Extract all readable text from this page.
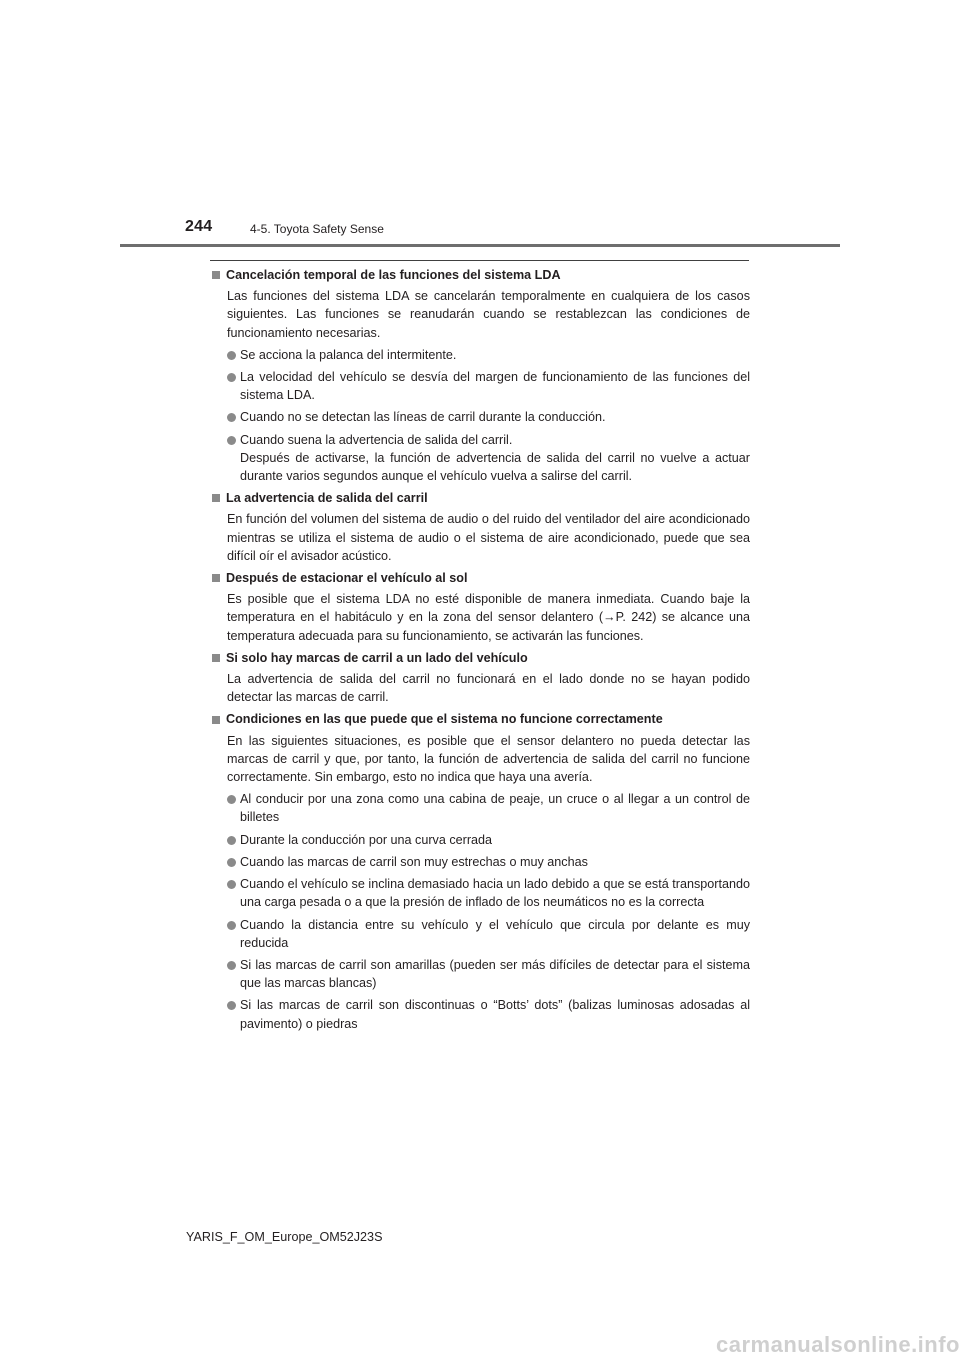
244	4-5. Toyota Safety Sense
Cancelación temporal de las funciones del sistema LDA
Las funciones del sistema LDA se cancelarán temporalmente en cualquiera de los casos siguientes. Las funciones se reanudarán cuando se restablezcan las condiciones de funcionamiento necesarias.
Se acciona la palanca del intermitente.
La velocidad del vehículo se desvía del margen de funcionamiento de las funciones del sistema LDA.
Cuando no se detectan las líneas de carril durante la conducción.
Cuando suena la advertencia de salida del carril.
Después de activarse, la función de advertencia de salida del carril no vuelve a actuar durante varios segundos aunque el vehículo vuelva a salirse del carril.
La advertencia de salida del carril
En función del volumen del sistema de audio o del ruido del ventilador del aire acondicionado mientras se utiliza el sistema de audio o el sistema de aire acondicionado, puede que sea difícil oír el avisador acústico.
Después de estacionar el vehículo al sol
Es posible que el sistema LDA no esté disponible de manera inmediata. Cuando baje la temperatura en el habitáculo y en la zona del sensor delantero (→P. 242) se alcance una temperatura adecuada para su funcionamiento, se activarán las funciones.
Si solo hay marcas de carril a un lado del vehículo
La advertencia de salida del carril no funcionará en el lado donde no se hayan podido detectar las marcas de carril.
Condiciones en las que puede que el sistema no funcione correctamente
En las siguientes situaciones, es posible que el sensor delantero no pueda detectar las marcas de carril y que, por tanto, la función de advertencia de salida del carril no funcione correctamente. Sin embargo, esto no indica que haya una avería.
Al conducir por una zona como una cabina de peaje, un cruce o al llegar a un control de billetes
Durante la conducción por una curva cerrada
Cuando las marcas de carril son muy estrechas o muy anchas
Cuando el vehículo se inclina demasiado hacia un lado debido a que se está transportando una carga pesada o a que la presión de inflado de los neumáticos no es la correcta
Cuando la distancia entre su vehículo y el vehículo que circula por delante es muy reducida
Si las marcas de carril son amarillas (pueden ser más difíciles de detectar para el sistema que las marcas blancas)
Si las marcas de carril son discontinuas o “Botts’ dots” (balizas luminosas adosadas al pavimento) o piedras
YARIS_F_OM_Europe_OM52J23S
carmanualsonline.info
